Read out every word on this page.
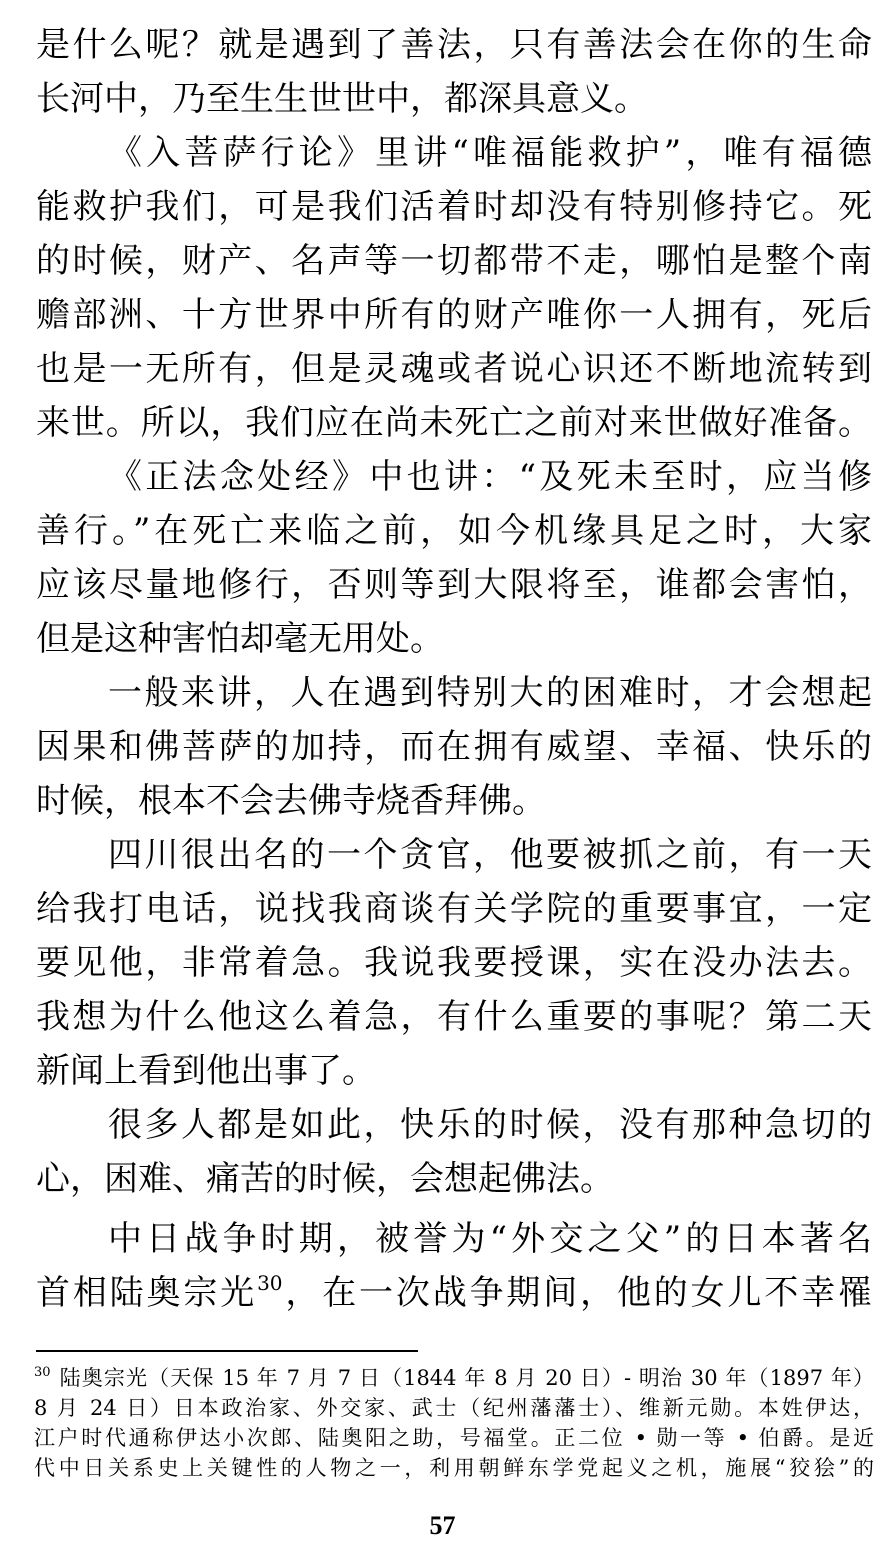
是什么呢？就是遇到了善法，只有善法会在你的生命
长河中，乃至生生世世中，都深具意义。
《入菩萨行论》里讲“唯福能救护”，唯有福德
能救护我们，可是我们活着时却没有特别修持它。死
的时候，财产、名声等一切都带不走，哪怕是整个南
赡部洲、十方世界中所有的财产唯你一人拥有，死后
也是一无所有，但是灵魂或者说心识还不断地流转到
来世。所以，我们应在尚未死亡之前对来世做好准备。
《正法念处经》中也讲：“及死未至时，应当修
善行。”在死亡来临之前，如今机缘具足之时，大家
应该尽量地修行，否则等到大限将至，谁都会害怕，
但是这种害怕却毫无用处。
一般来讲，人在遇到特别大的困难时，才会想起
因果和佛菩萨的加持，而在拥有威望、幸福、快乐的
时候，根本不会去佛寺烧香拜佛。
四川很出名的一个贪官，他要被抓之前，有一天
给我打电话，说找我商谈有关学院的重要事宜，一定
要见他，非常着急。我说我要授课，实在没办法去。
我想为什么他这么着急，有什么重要的事呢？第二天
新闻上看到他出事了。
很多人都是如此，快乐的时候，没有那种急切的
心，困难、痛苦的时候，会想起佛法。
中日战争时期，被誉为“外交之父”的日本著名
首相陆奥宗光$^{30}$，在一次战争期间，他的女儿不幸罹
$^{30}$ 陆奥宗光（天保 15 年 7 月 7 日（1844 年 8 月 20 日）- 明治 30 年（1897 年）
8 月 24 日）日本政治家、外交家、武士（纪州藩藩士）、维新元勋。本姓伊达，
江户时代通称伊达小次郎、陆奥阳之助，号福堂。正二位 • 勋一等 • 伯爵。是近
代中日关系史上关键性的人物之一，利用朝鲜东学党起义之机，施展“狡狯”的
57
